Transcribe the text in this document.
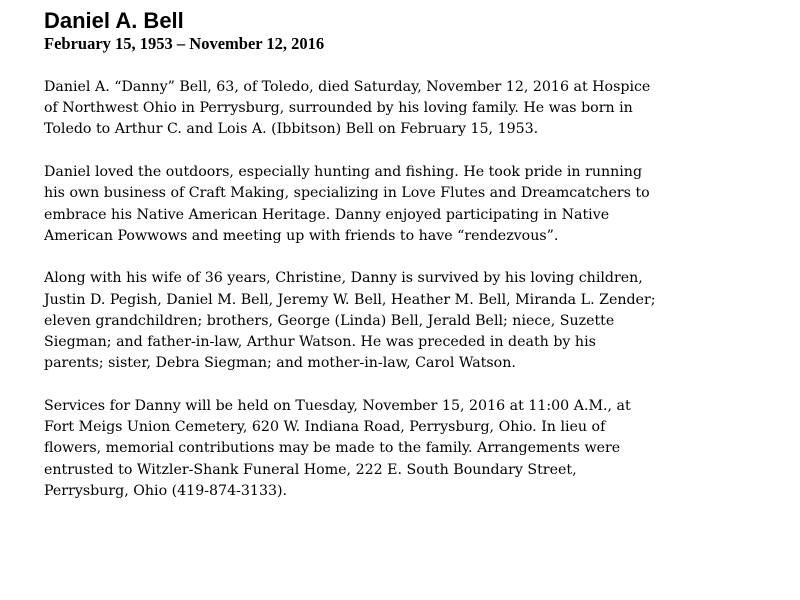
Daniel A. Bell
February 15, 1953 – November 12, 2016

Daniel A. “Danny” Bell, 63, of Toledo, died Saturday, November 12, 2016 at Hospice
of Northwest Ohio in Perrysburg, surrounded by his loving family. He was born in
Toledo to Arthur C. and Lois A. (Ibbitson) Bell on February 15, 1953.

Daniel loved the outdoors, especially hunting and fishing. He took pride in running
his own business of Craft Making, specializing in Love Flutes and Dreamcatchers to
embrace his Native American Heritage. Danny enjoyed participating in Native
American Powwows and meeting up with friends to have “rendezvous”.

Along with his wife of 36 years, Christine, Danny is survived by his loving children,
Justin D. Pegish, Daniel M. Bell, Jeremy W. Bell, Heather M. Bell, Miranda L. Zender;
eleven grandchildren; brothers, George (Linda) Bell, Jerald Bell; niece, Suzette
Siegman; and father-in-law, Arthur Watson. He was preceded in death by his
parents; sister, Debra Siegman; and mother-in-law, Carol Watson.

Services for Danny will be held on Tuesday, November 15, 2016 at 11:00 A.M., at
Fort Meigs Union Cemetery, 620 W. Indiana Road, Perrysburg, Ohio. In lieu of
flowers, memorial contributions may be made to the family. Arrangements were
entrusted to Witzler-Shank Funeral Home, 222 E. South Boundary Street,
Perrysburg, Ohio (419-874-3133).
